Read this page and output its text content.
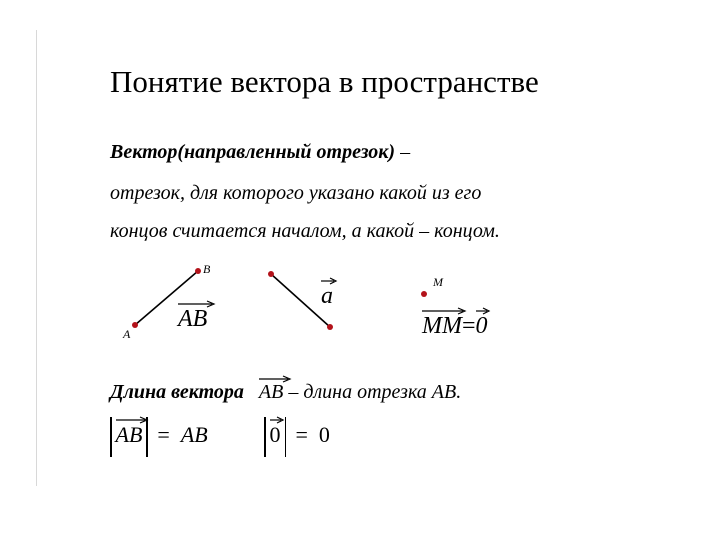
Понятие вектора в пространстве
Вектор(направленный отрезок) –
отрезок, для которого указано какой из его
концов считается началом, а какой – концом.
A
B
AB
a
M
MM=
0
Длина вектора AB – длина отрезка AB.
AB = AB	0 = 0
